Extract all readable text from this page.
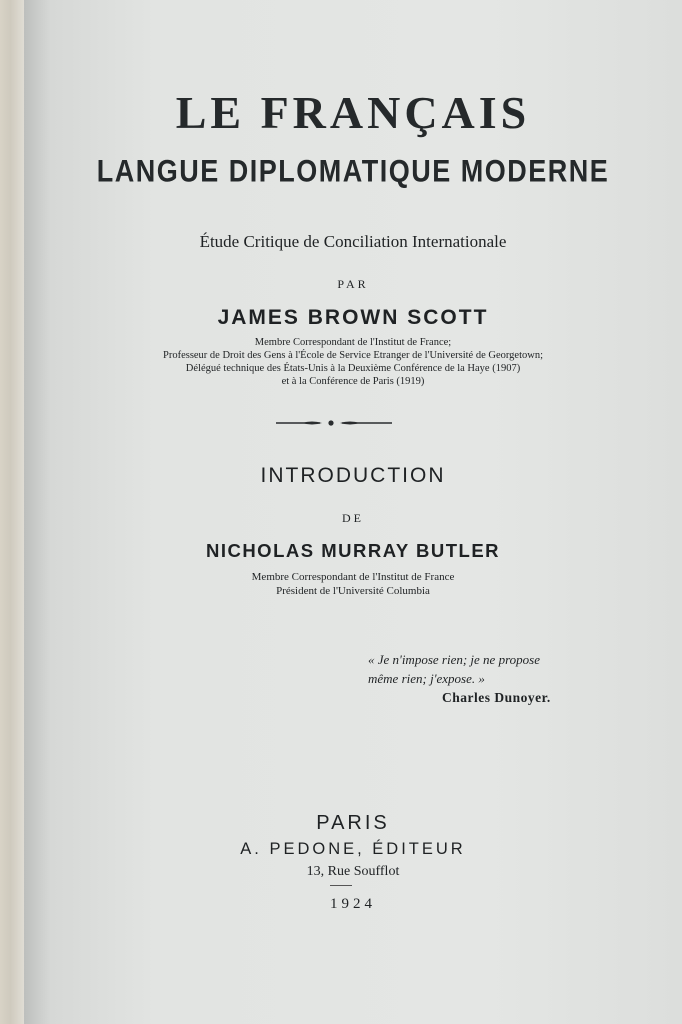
LE FRANÇAIS
LANGUE DIPLOMATIQUE MODERNE
Étude Critique de Conciliation Internationale
PAR
JAMES BROWN SCOTT
Membre Correspondant de l'Institut de France;
Professeur de Droit des Gens à l'École de Service Etranger de l'Université de Georgetown;
Délégué technique des États-Unis à la Deuxième Conférence de la Haye (1907)
et à la Conférence de Paris (1919)
INTRODUCTION
DE
NICHOLAS MURRAY BUTLER
Membre Correspondant de l'Institut de France
Président de l'Université Columbia
« Je n'impose rien; je ne propose
même rien; j'expose. »
Charles Dunoyer.
PARIS
A. PEDONE, ÉDITEUR
13, Rue Soufflot
1924
